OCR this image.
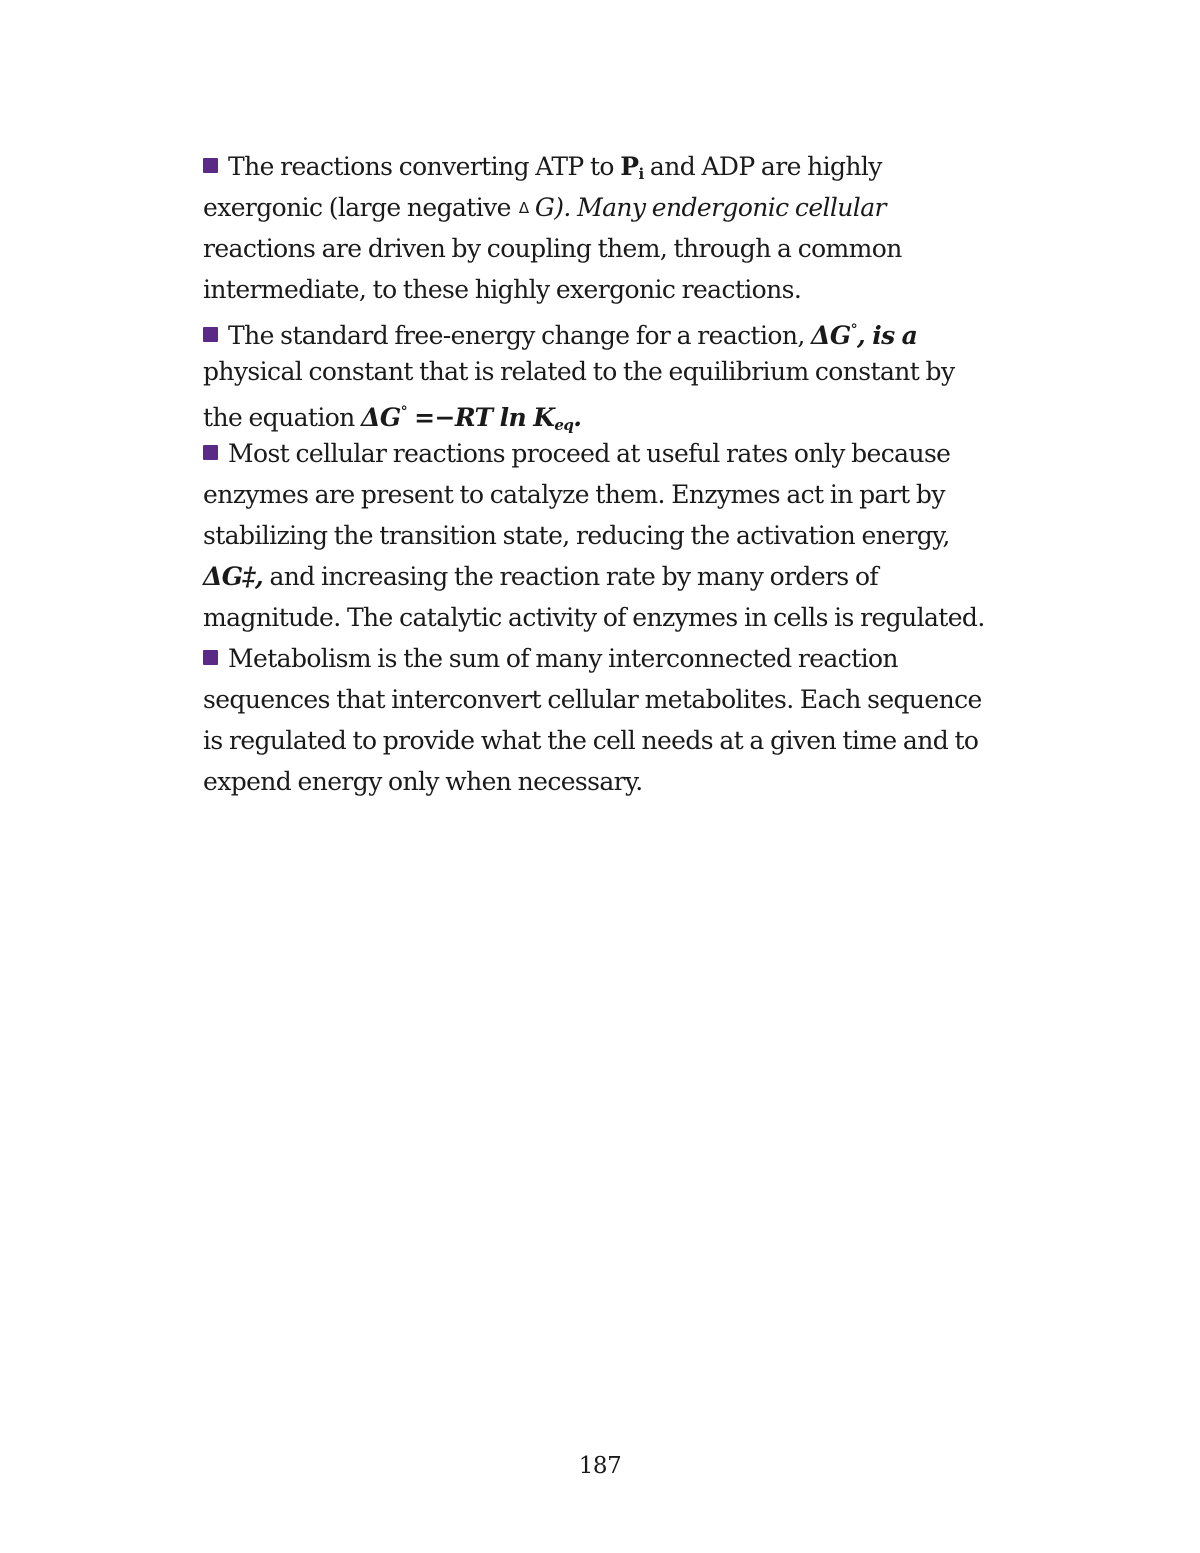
The reactions converting ATP to $P_i$ and ADP are highly
exergonic (large negative Δ G). Many endergonic cellular
reactions are driven by coupling them, through a common
intermediate, to these highly exergonic reactions.
The standard free-energy change for a reaction, ΔG°, is a
physical constant that is related to the equilibrium constant by
the equation ΔG° =−RT $\ln K_{eq}$.
Most cellular reactions proceed at useful rates only because
enzymes are present to catalyze them. Enzymes act in part by
stabilizing the transition state, reducing the activation energy,
ΔG‡, and increasing the reaction rate by many orders of
magnitude. The catalytic activity of enzymes in cells is regulated.
Metabolism is the sum of many interconnected reaction
sequences that interconvert cellular metabolites. Each sequence
is regulated to provide what the cell needs at a given time and to
expend energy only when necessary.
187
